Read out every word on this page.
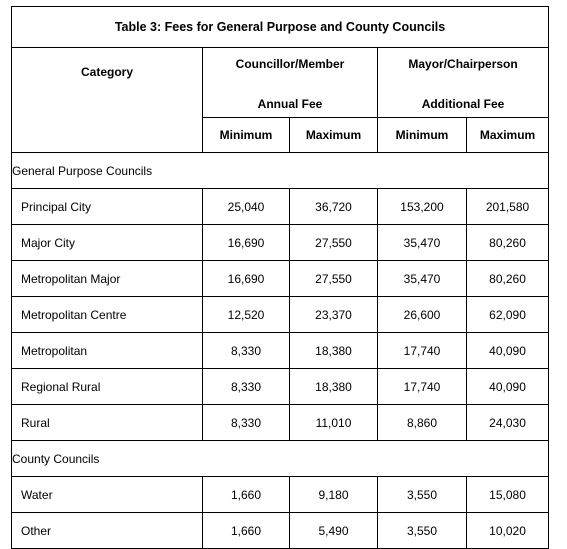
Table 3: Fees for General Purpose and County Councils				
Category	Councillor/Member		Mayor/Chairperson	
	Annual Fee		Additional Fee	
	Minimum	Maximum	Minimum	Maximum
General Purpose Councils				
Principal City	25,040	36,720	153,200	201,580
Major City	16,690	27,550	35,470	80,260
Metropolitan Major	16,690	27,550	35,470	80,260
Metropolitan Centre	12,520	23,370	26,600	62,090
Metropolitan	8,330	18,380	17,740	40,090
Regional Rural	8,330	18,380	17,740	40,090
Rural	8,330	11,010	8,860	24,030
County Councils				
Water	1,660	9,180	3,550	15,080
Other	1,660	5,490	3,550	10,020
